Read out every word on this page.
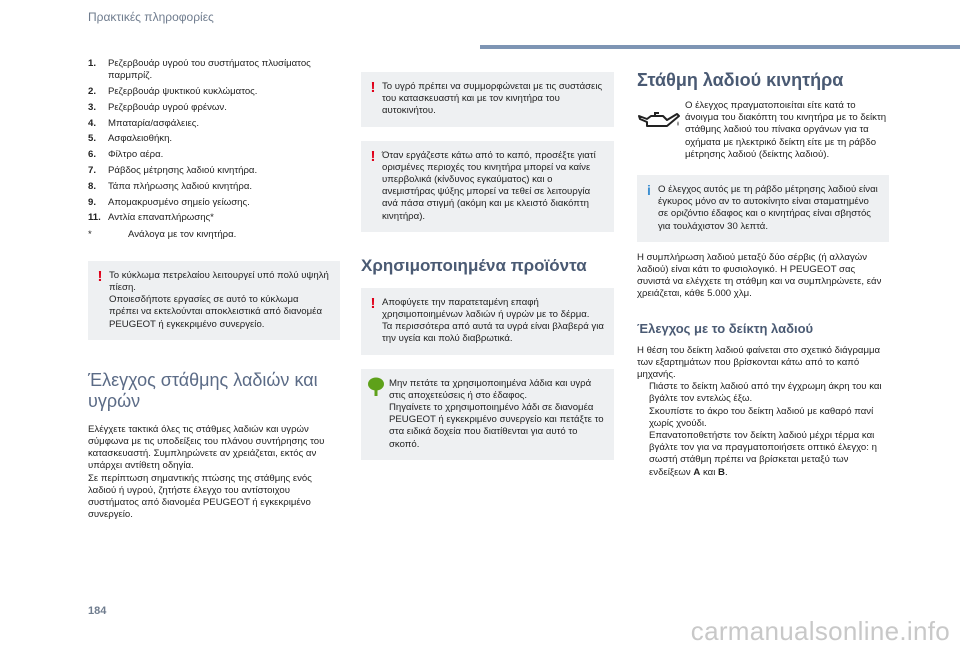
Πρακτικές πληροφορίες
1.	Ρεζερβουάρ υγρού του συστήματος πλυσίματος παρμπρίζ.
2.	Ρεζερβουάρ ψυκτικού κυκλώματος.
3.	Ρεζερβουάρ υγρού φρένων.
4.	Μπαταρία/ασφάλειες.
5.	Ασφαλειοθήκη.
6.	Φίλτρο αέρα.
7.	Ράβδος μέτρησης λαδιού κινητήρα.
8.	Τάπα πλήρωσης λαδιού κινητήρα.
9.	Απομακρυσμένο σημείο γείωσης.
11. Αντλία επαναπλήρωσης*
*	Ανάλογα με τον κινητήρα.
! Το κύκλωμα πετρελαίου λειτουργεί υπό πολύ υψηλή πίεση.
Οποιεσδήποτε εργασίες σε αυτό το κύκλωμα πρέπει να εκτελούνται αποκλειστικά από διανομέα PEUGEOT ή εγκεκριμένο συνεργείο.

Έλεγχος στάθμης λαδιών και υγρών

Ελέγχετε τακτικά όλες τις στάθμες λαδιών και υγρών σύμφωνα με τις υποδείξεις του πλάνου συντήρησης του κατασκευαστή. Συμπληρώνετε αν χρειάζεται, εκτός αν υπάρχει αντίθετη οδηγία.
Σε περίπτωση σημαντικής πτώσης της στάθμης ενός λαδιού ή υγρού, ζητήστε έλεγχο του αντίστοιχου συστήματος από διανομέα PEUGEOT ή εγκεκριμένο συνεργείο.

! Το υγρό πρέπει να συμμορφώνεται με τις συστάσεις του κατασκευαστή και με τον κινητήρα του αυτοκινήτου.

! Όταν εργάζεστε κάτω από το καπό, προσέξτε γιατί ορισμένες περιοχές του κινητήρα μπορεί να καίνε υπερβολικά (κίνδυνος εγκαύματος) και ο ανεμιστήρας ψύξης μπορεί να τεθεί σε λειτουργία ανά πάσα στιγμή (ακόμη και με κλειστό διακόπτη κινητήρα).

Χρησιμοποιημένα προϊόντα
! Αποφύγετε την παρατεταμένη επαφή χρησιμοποιημένων λαδιών ή υγρών με το δέρμα.
Τα περισσότερα από αυτά τα υγρά είναι βλαβερά για την υγεία και πολύ διαβρωτικά.

Μην πετάτε τα χρησιμοποιημένα λάδια και υγρά στις αποχετεύσεις ή στο έδαφος.
Πηγαίνετε το χρησιμοποιημένο λάδι σε διανομέα PEUGEOT ή εγκεκριμένο συνεργείο και πετάξτε το στα ειδικά δοχεία που διατίθενται για αυτό το σκοπό.

Στάθμη λαδιού κινητήρα

Ο έλεγχος πραγματοποιείται είτε κατά το άνοιγμα του διακόπτη του κινητήρα με το δείκτη στάθμης λαδιού του πίνακα οργάνων για τα οχήματα με ηλεκτρικό δείκτη είτε με τη ράβδο μέτρησης λαδιού (δείκτης λαδιού).

i Ο έλεγχος αυτός με τη ράβδο μέτρησης λαδιού είναι έγκυρος μόνο αν το αυτοκίνητο είναι σταματημένο σε οριζόντιο έδαφος και ο κινητήρας είναι σβηστός για τουλάχιστον 30 λεπτά.

Η συμπλήρωση λαδιού μεταξύ δύο σέρβις (ή αλλαγών λαδιού) είναι κάτι το φυσιολογικό. Η PEUGEOT σας συνιστά να ελέγχετε τη στάθμη και να συμπληρώνετε, εάν χρειάζεται, κάθε 5.000 χλμ.

Έλεγχος με το δείκτη λαδιού

Η θέση του δείκτη λαδιού φαίνεται στο σχετικό διάγραμμα των εξαρτημάτων που βρίσκονται κάτω από το καπό μηχανής.

Πιάστε το δείκτη λαδιού από την έγχρωμη άκρη του και βγάλτε τον εντελώς έξω.
Σκουπίστε το άκρο του δείκτη λαδιού με καθαρό πανί χωρίς χνούδι.
Επανατοποθετήστε τον δείκτη λαδιού μέχρι τέρμα και βγάλτε τον για να πραγματοποιήσετε οπτικό έλεγχο: η σωστή στάθμη πρέπει να βρίσκεται μεταξύ των ενδείξεων A και B.
184
carmanualsonline.info
